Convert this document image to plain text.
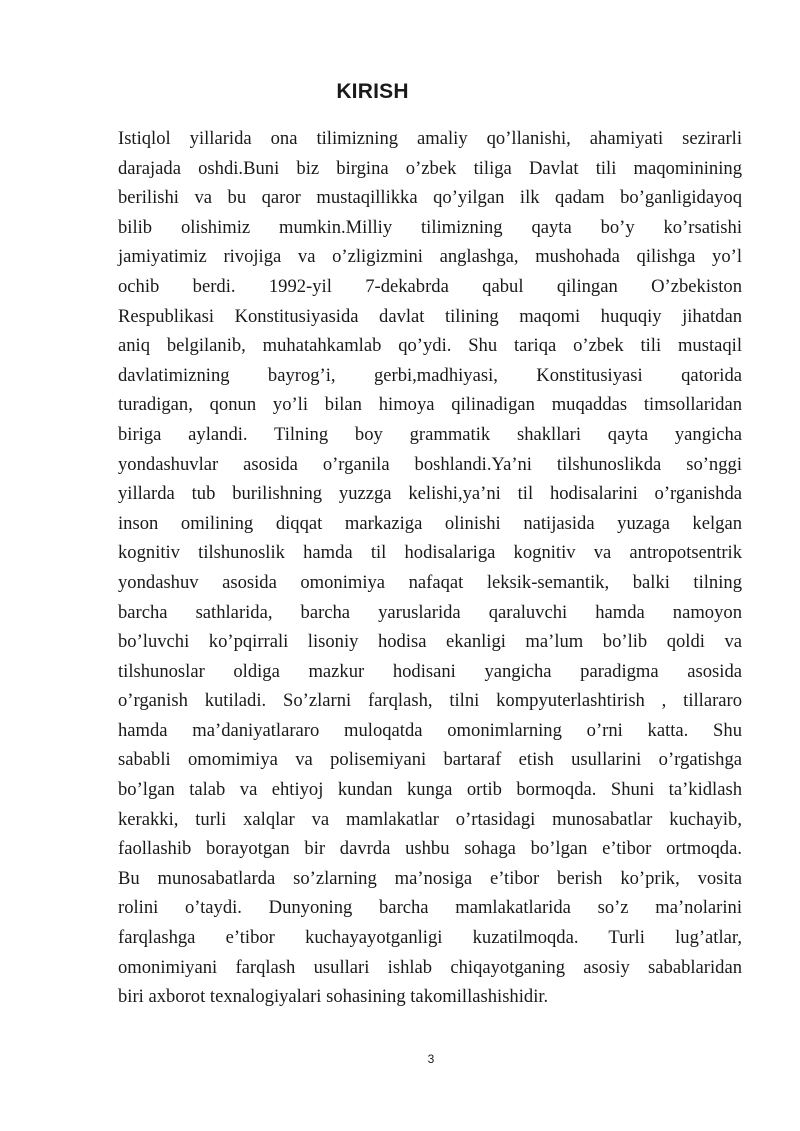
KIRISH
Istiqlol yillarida ona tilimizning amaliy qo’llanishi, ahamiyati sezirarli
darajada oshdi.Buni biz birgina o’zbek tiliga Davlat tili maqominіning
berilishi va bu qaror mustaqillikka qo’yilgan ilk qadam bo’ganligidayoq
bilib olishimiz mumkin.Milliy tilimizning qayta bo’y ko’rsatishi
jamiyatimiz rivojiga va o’zligizmini anglashga, mushohada qilishga yo’l
ochib berdi. 1992-yil 7-dekabrda qabul qilingan O’zbekiston
Respublikasi Konstitusiyasida davlat tilining maqomi huquqiy jihatdan
aniq belgilanib, muhatahkamlab qo’ydi. Shu tariqa o’zbek tili mustaqil
davlatimizning bayrog’i, gerbi,madhiyasi, Konstitusiyasi qatorida
turadigan, qonun yo’li bilan himoya qilinadigan muqaddas timsollaridan
biriga aylandi. Tilning boy grammatik shakllari qayta yangicha
yondashuvlar asosida o’rganila boshlandi.Ya’ni tilshunoslikda so’nggi
yillarda tub burilishning yuzzga kelishi,ya’ni til hodisalarini o’rganishda
inson omilining diqqat markaziga olinishi natijasida yuzaga kelgan
kognitiv tilshunoslik hamda til hodisalariga kognitiv va antropotsentrik
yondashuv asosida omonimiya nafaqat leksik-semantik, balki tilning
barcha sathlarida, barcha yaruslarida qaraluvchi hamda namoyon
bo’luvchi ko’pqirrali lisoniy hodisa ekanligi ma’lum bo’lib qoldi va
tilshunoslar oldiga mazkur hodisani yangicha paradigma asosida
o’rganish kutiladi. So’zlarni farqlash, tilni kompyuterlashtirish , tillararo
hamda ma’daniyatlararo muloqatda omonimlarning o’rni katta. Shu
sababli omomimiya va polisemiyani bartaraf etish usullarini o’rgatishga
bo’lgan talab va ehtiyoj kundan kunga ortib bormoqda. Shuni ta’kidlash
kerakki, turli xalqlar va mamlakatlar o’rtasidagi munosabatlar kuchayib,
faollashib borayotgan bir davrda ushbu sohaga bo’lgan e’tibor ortmoqda.
Bu munosabatlarda so’zlarning ma’nosiga e’tibor berish ko’prik, vosita
rolini o’taydi. Dunyoning barcha mamlakatlarida so’z ma’nolarini
farqlashga e’tibor kuchayayotganligi kuzatilmoqda. Turli lug’atlar,
omonimiyani farqlash usullari ishlab chiqayotganing asosiy sabablaridan
biri axborot texnalogiyalari sohasining takomillashishidir.
3
